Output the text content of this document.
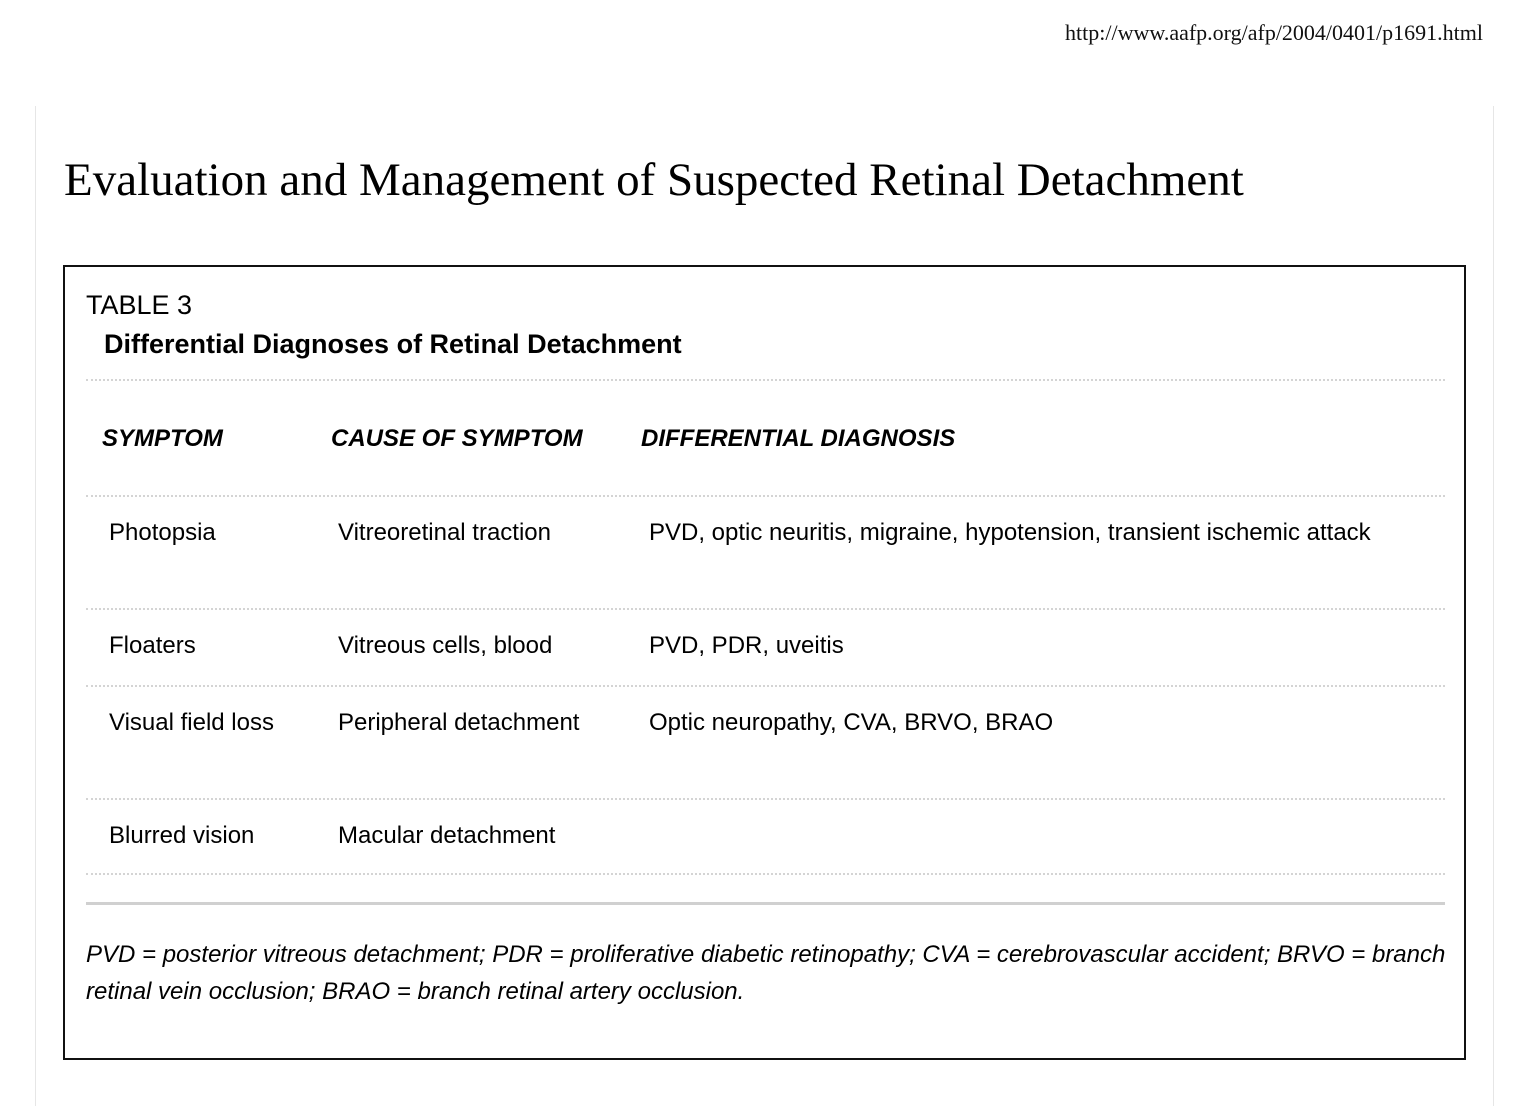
http://www.aafp.org/afp/2004/0401/p1691.html
Evaluation and Management of Suspected Retinal Detachment
TABLE 3
Differential Diagnoses of Retinal Detachment
SYMPTOM	CAUSE OF SYMPTOM	DIFFERENTIAL DIAGNOSIS
Photopsia	Vitreoretinal traction	PVD, optic neuritis, migraine, hypotension, transient ischemic attack
Floaters	Vitreous cells, blood	PVD, PDR, uveitis
Visual field loss	Peripheral detachment	Optic neuropathy, CVA, BRVO, BRAO
Blurred vision	Macular detachment
PVD = posterior vitreous detachment; PDR = proliferative diabetic retinopathy; CVA = cerebrovascular accident; BRVO = branch retinal vein occlusion; BRAO = branch retinal artery occlusion.
